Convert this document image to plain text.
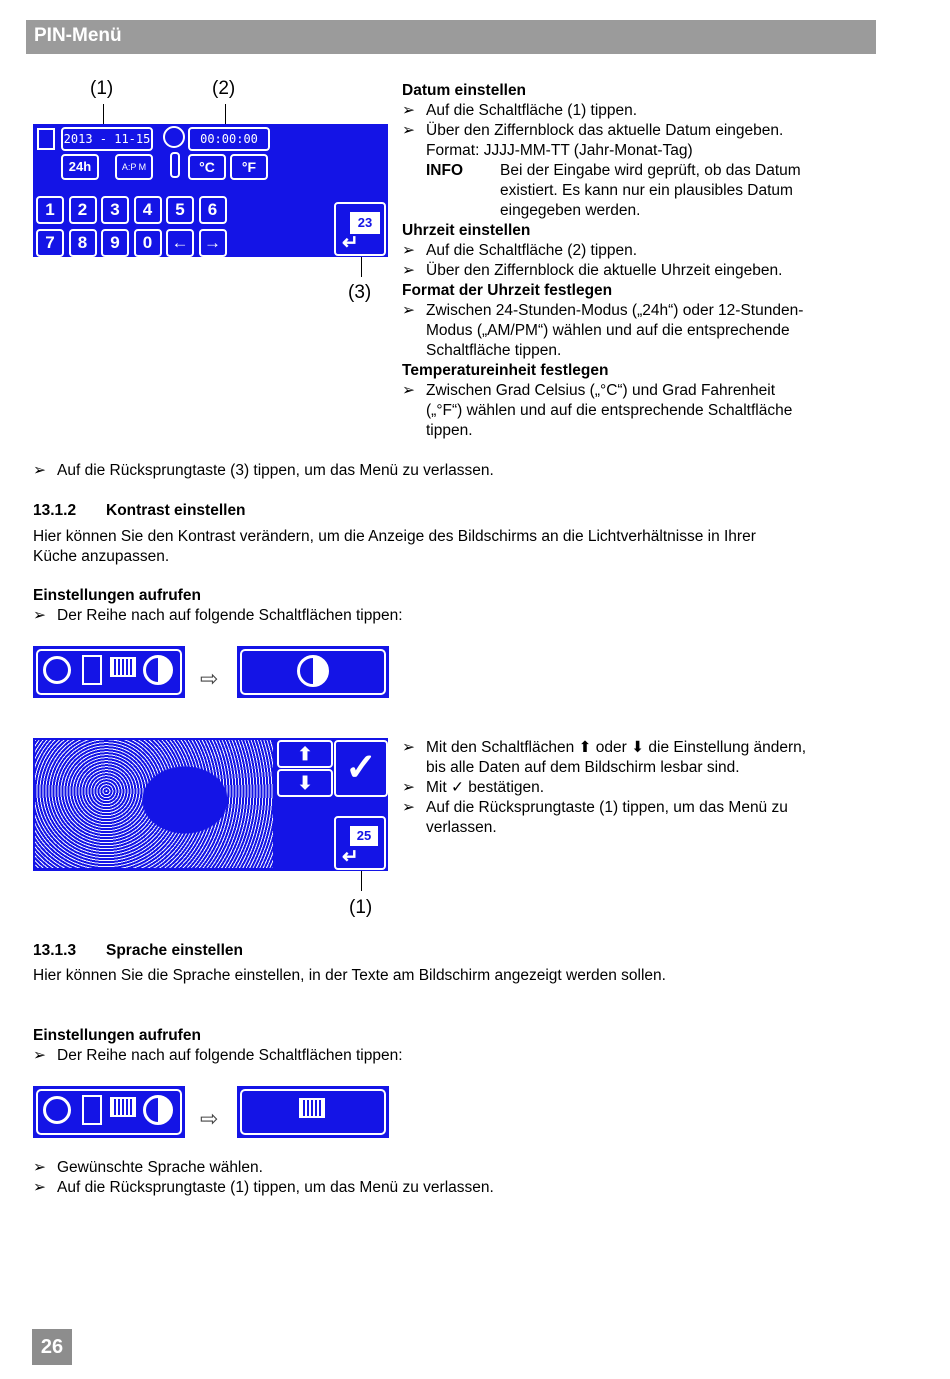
PIN-Menü
(1)	(2)
2013 - 11-15	00:00:00
24h	A:P M	°C	°F
1	2	3	4	5	6
7	8	9	0	← →
23
↵
(3)
Datum einstellen
➢ Auf die Schaltfläche (1) tippen.
➢ Über den Ziffernblock das aktuelle Datum eingeben.
Format: JJJJ-MM-TT (Jahr-Monat-Tag)
INFO Bei der Eingabe wird geprüft, ob das Datum
existiert. Es kann nur ein plausibles Datum
eingegeben werden.
Uhrzeit einstellen
➢ Auf die Schaltfläche (2) tippen.
➢ Über den Ziffernblock die aktuelle Uhrzeit eingeben.
Format der Uhrzeit festlegen
➢ Zwischen 24-Stunden-Modus („24h“) oder 12-Stunden-
Modus („AM/PM“) wählen und auf die entsprechende
Schaltfläche tippen.
Temperatureinheit festlegen
➢ Zwischen Grad Celsius („°C“) und Grad Fahrenheit
(„°F“) wählen und auf die entsprechende Schaltfläche
tippen.
➢ Auf die Rücksprungtaste (3) tippen, um das Menü zu verlassen.
13.1.2 Kontrast einstellen
Hier können Sie den Kontrast verändern, um die Anzeige des Bildschirms an die Lichtverhältnisse in Ihrer
Küche anzupassen.
Einstellungen aufrufen
➢ Der Reihe nach auf folgende Schaltflächen tippen:
⇨
⬆
⬇ ✓
25
↵
(1)
➢ Mit den Schaltflächen ⬆ oder ⬇ die Einstellung ändern,
bis alle Daten auf dem Bildschirm lesbar sind.
➢ Mit ✓ bestätigen.
➢ Auf die Rücksprungtaste (1) tippen, um das Menü zu
verlassen.
13.1.3 Sprache einstellen
Hier können Sie die Sprache einstellen, in der Texte am Bildschirm angezeigt werden sollen.
Einstellungen aufrufen
➢ Der Reihe nach auf folgende Schaltflächen tippen:
⇨
➢ Gewünschte Sprache wählen.
➢ Auf die Rücksprungtaste (1) tippen, um das Menü zu verlassen.
26
